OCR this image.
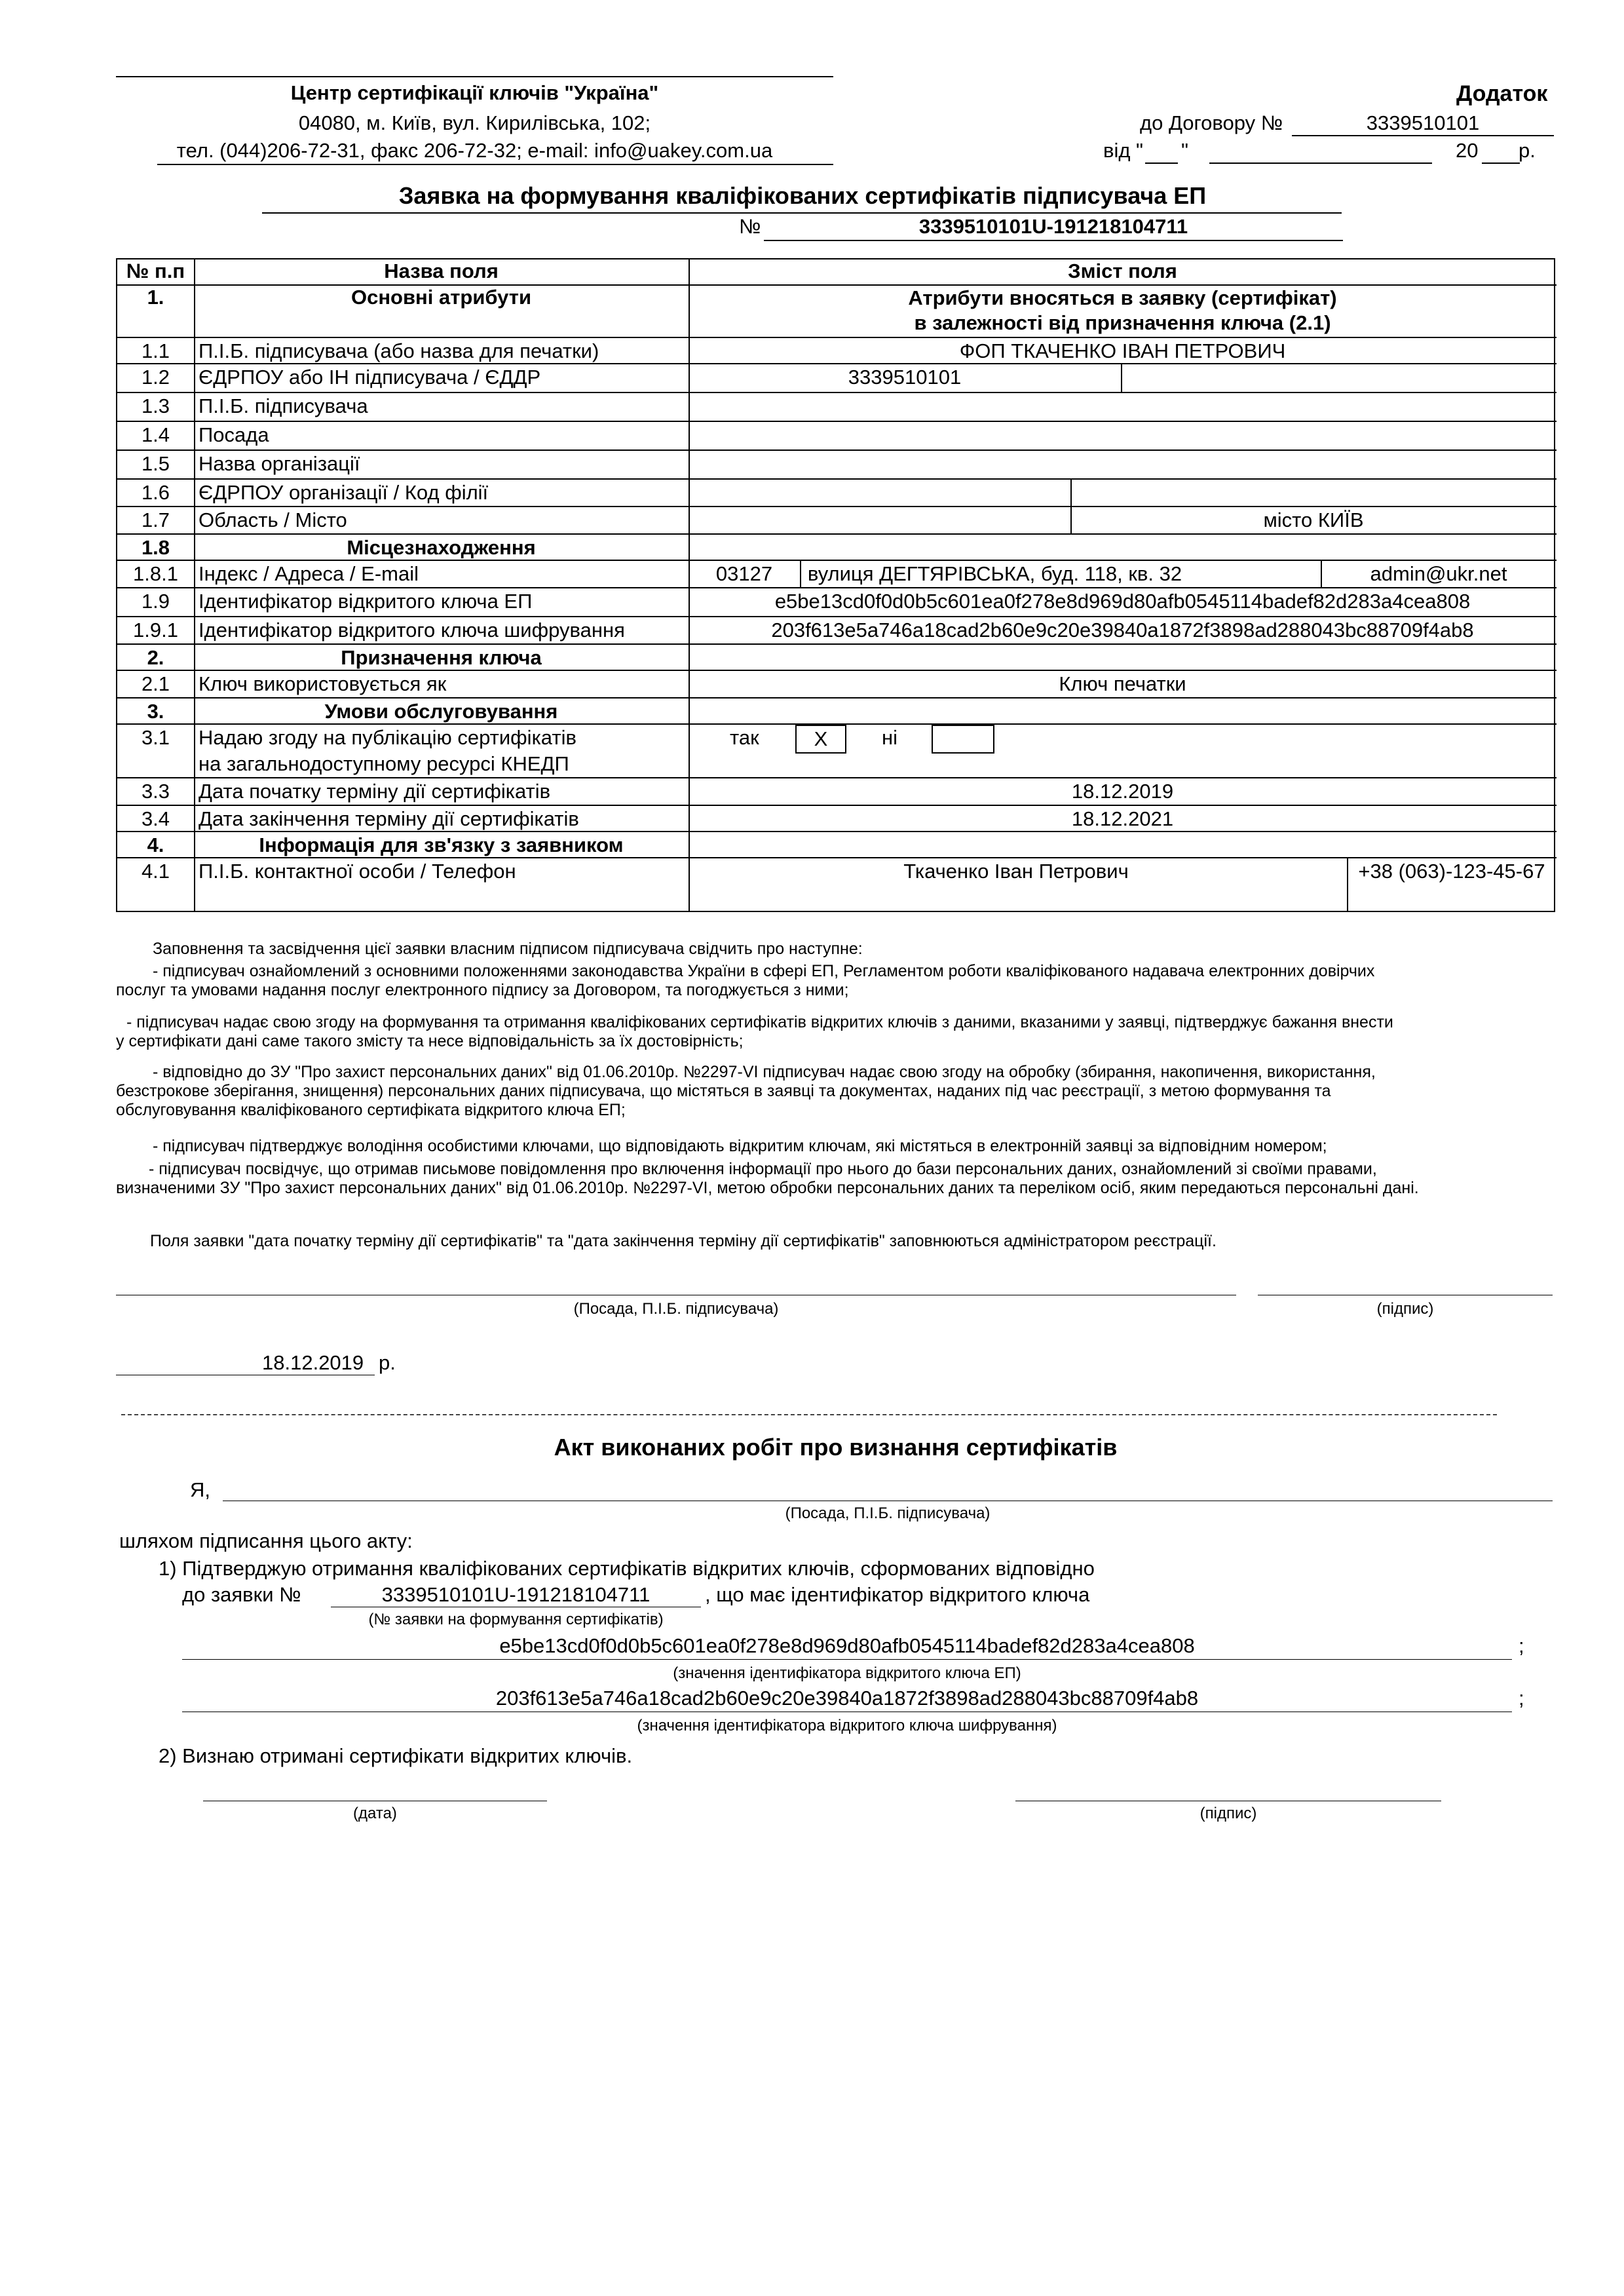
Центр сертифікації ключів "Україна"
04080, м. Київ, вул. Кирилівська, 102;
тел. (044)206-72-31, факс 206-72-32; e-mail: info@uakey.com.ua
Додаток
до Договору №	3339510101
від " "	20 р.
Заявка на формування кваліфікованих сертифікатів підписувача ЕП
№	3339510101U-191218104711
№ п.п	Назва поля	Зміст поля
1.	Основні атрибути	Атрибути вносяться в заявку (сертифікат)
в залежності від призначення ключа (2.1)
1.1	П.І.Б. підписувача (або назва для печатки)	ФОП ТКАЧЕНКО ІВАН ПЕТРОВИЧ
1.2	ЄДРПОУ або ІН підписувача / ЄДДР	3339510101
1.3	П.І.Б. підписувача
1.4	Посада
1.5	Назва організації
1.6	ЄДРПОУ організації / Код філії
1.7	Область / Місто	місто КИЇВ
1.8	Місцезнаходження
1.8.1	Індекс / Адреса / E-mail	03127	вулиця ДЕГТЯРІВСЬКА, буд. 118, кв. 32	admin@ukr.net
1.9	Ідентифікатор відкритого ключа ЕП	e5be13cd0f0d0b5c601ea0f278e8d969d80afb0545114badef82d283a4cea808
1.9.1	Ідентифікатор відкритого ключа шифрування	203f613e5a746a18cad2b60e9c20e39840a1872f3898ad288043bc88709f4ab8
2.	Призначення ключа
2.1	Ключ використовується як	Ключ печатки
3.	Умови обслуговування
3.1	Надаю згоду на публікацію сертифікатів
на загальнодоступному ресурсі КНЕДП
так	Х	ні
3.3	Дата початку терміну дії сертифікатів	18.12.2019
3.4	Дата закінчення терміну дії сертифікатів	18.12.2021
4.	Інформація для зв'язку з заявником
4.1	П.І.Б. контактної особи / Телефон	Ткаченко Іван Петрович	+38 (063)-123-45-67
Заповнення та засвідчення цієї заявки власним підписом підписувача свідчить про наступне:
- підписувач ознайомлений з основними положеннями законодавства України в сфері ЕП, Регламентом роботи кваліфікованого надавача електронних довірчих
послуг та умовами надання послуг електронного підпису за Договором, та погоджується з ними;
- підписувач надає свою згоду на формування та отримання кваліфікованих сертифікатів відкритих ключів з даними, вказаними у заявці, підтверджує бажання внести
у сертифікати дані саме такого змісту та несе відповідальність за їх достовірність;
- відповідно до ЗУ "Про захист персональних даних" від 01.06.2010р. №2297-VI підписувач надає свою згоду на обробку (збирання, накопичення, використання,
безстрокове зберігання, знищення) персональних даних підписувача, що містяться в заявці та документах, наданих під час реєстрації, з метою формування та
обслуговування кваліфікованого сертифіката відкритого ключа ЕП;
- підписувач підтверджує володіння особистими ключами, що відповідають відкритим ключам, які містяться в електронній заявці за відповідним номером;
- підписувач посвідчує, що отримав письмове повідомлення про включення інформації про нього до бази персональних даних, ознайомлений зі своїми правами,
визначеними ЗУ "Про захист персональних даних" від 01.06.2010р. №2297-VI, метою обробки персональних даних та переліком осіб, яким передаються персональні дані.
Поля заявки "дата початку терміну дії сертифікатів" та "дата закінчення терміну дії сертифікатів" заповнюються адміністратором реєстрації.
(Посада, П.І.Б. підписувача)	(підпис)
18.12.2019 р.
Акт виконаних робіт про визнання сертифікатів
Я,
(Посада, П.І.Б. підписувача)
шляхом підписання цього акту:
1) Підтверджую отримання кваліфікованих сертифікатів відкритих ключів, сформованих відповідно
до заявки №	3339510101U-191218104711	, що має ідентифікатор відкритого ключа
(№ заявки на формування сертифікатів)
e5be13cd0f0d0b5c601ea0f278e8d969d80afb0545114badef82d283a4cea808	;
(значення ідентифікатора відкритого ключа ЕП)
203f613e5a746a18cad2b60e9c20e39840a1872f3898ad288043bc88709f4ab8	;
(значення ідентифікатора відкритого ключа шифрування)
2) Визнаю отримані сертифікати відкритих ключів.
(дата)	(підпис)
